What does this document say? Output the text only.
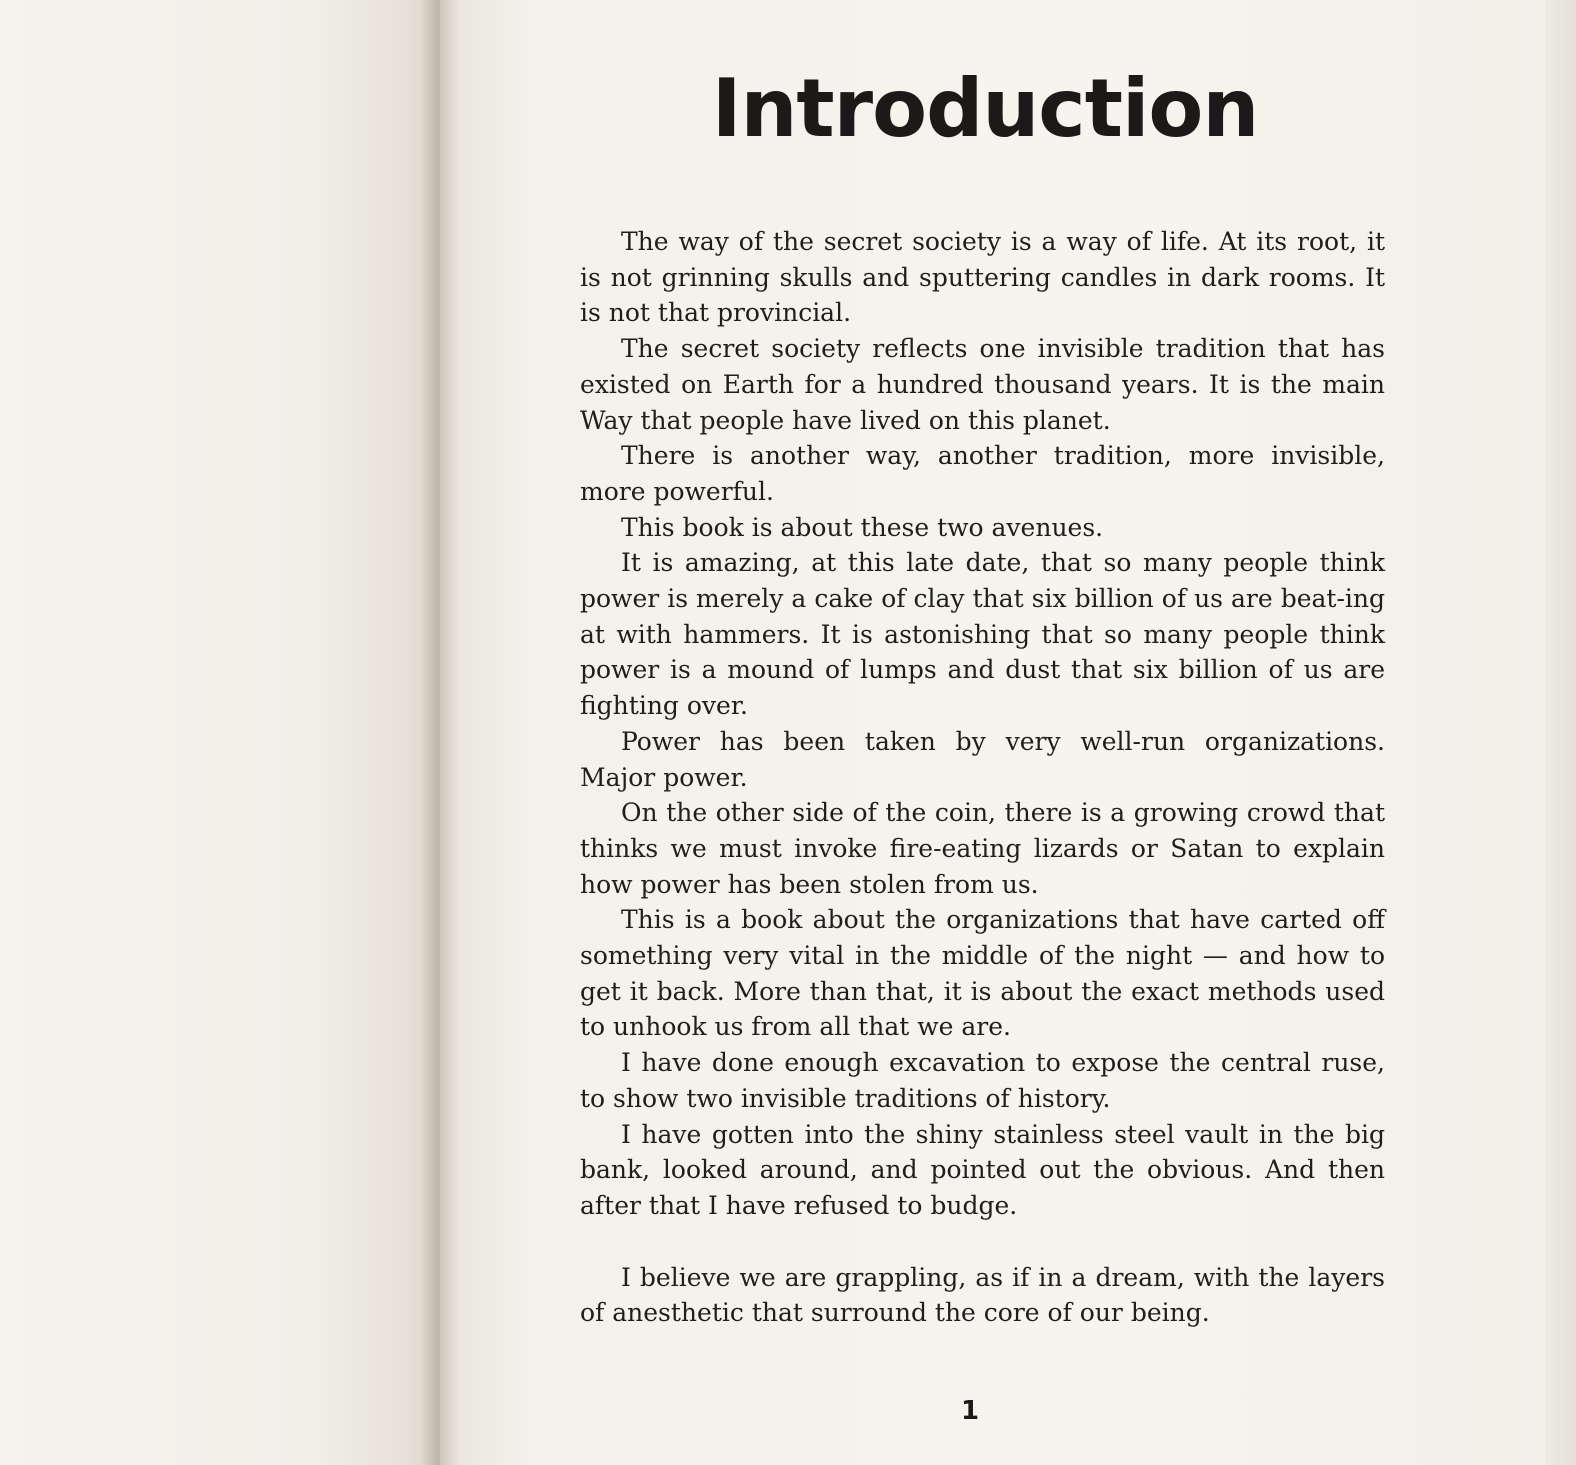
Introduction

The way of the secret society is a way of life. At its root, it is not grinning skulls and sputtering candles in dark rooms. It is not that provincial.

The secret society reflects one invisible tradition that has existed on Earth for a hundred thousand years. It is the main Way that people have lived on this planet.

There is another way, another tradition, more invisible, more powerful.

This book is about these two avenues.

It is amazing, at this late date, that so many people think power is merely a cake of clay that six billion of us are beat-ing at with hammers. It is astonishing that so many people think power is a mound of lumps and dust that six billion of us are fighting over.

Power has been taken by very well-run organizations. Major power.

On the other side of the coin, there is a growing crowd that thinks we must invoke fire-eating lizards or Satan to explain how power has been stolen from us.

This is a book about the organizations that have carted off something very vital in the middle of the night — and how to get it back. More than that, it is about the exact methods used to unhook us from all that we are.

I have done enough excavation to expose the central ruse, to show two invisible traditions of history.

I have gotten into the shiny stainless steel vault in the big bank, looked around, and pointed out the obvious. And then after that I have refused to budge.

I believe we are grappling, as if in a dream, with the layers of anesthetic that surround the core of our being.

1
